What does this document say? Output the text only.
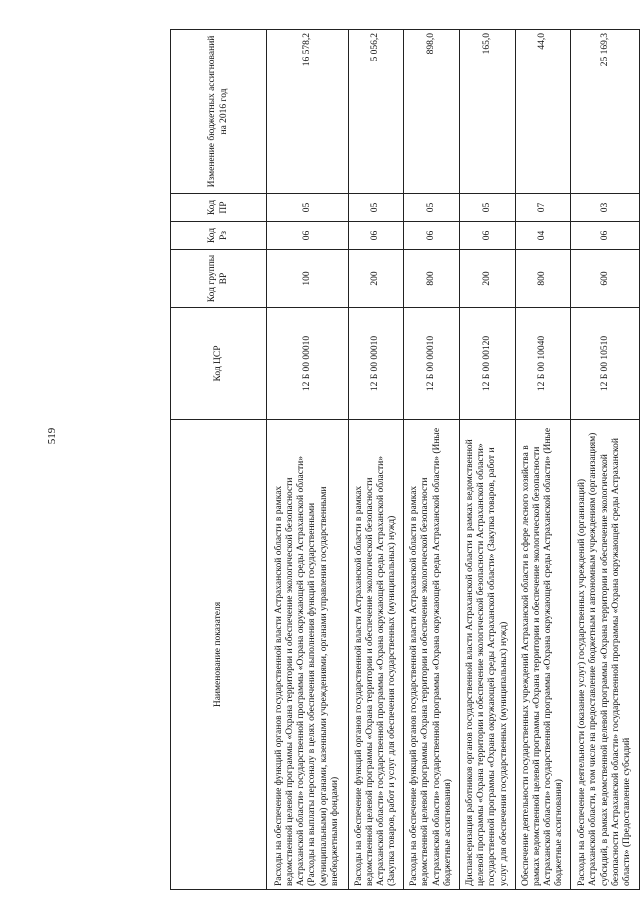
519
Наименование показателя	Код ЦСР	Код группы ВР	Код Рз	Код ПР	Изменение бюджетных ассигнований на 2016 год
Расходы на обеспечение функций органов государственной власти Астраханской области в рамках ведомственной целевой программы «Охрана территории и обеспечение экологической безопасности Астраханской области» государственной программы «Охрана окружающей среды Астраханской области» (Расходы на выплаты персоналу в целях обеспечения выполнения функций государственными (муниципальными) органами, казенными учреждениями, органами управления государственными внебюджетными фондами)	12 Б 00 00010	100	06	05	16 578,2
Расходы на обеспечение функций органов государственной власти Астраханской области в рамках ведомственной целевой программы «Охрана территории и обеспечение экологической безопасности Астраханской области» государственной программы «Охрана окружающей среды Астраханской области» (Закупка товаров, работ и услуг для обеспечения государственных (муниципальных) нужд)	12 Б 00 00010	200	06	05	5 056,2
Расходы на обеспечение функций органов государственной власти Астраханской области в рамках ведомственной целевой программы «Охрана территории и обеспечение экологической безопасности Астраханской области» государственной программы «Охрана окружающей среды Астраханской области» (Иные бюджетные ассигнования)	12 Б 00 00010	800	06	05	898,0
Диспансеризация работников органов государственной власти Астраханской области в рамках ведомственной целевой программы «Охрана территории и обеспечение экологической безопасности Астраханской области» государственной программы «Охрана окружающей среды Астраханской области» (Закупка товаров, работ и услуг для обеспечения государственных (муниципальных) нужд)	12 Б 00 00120	200	06	05	165,0
Обеспечение деятельности государственных учреждений Астраханской области в сфере лесного хозяйства в рамках ведомственной целевой программы «Охрана территории и обеспечение экологической безопасности Астраханской области» государственной программы «Охрана окружающей среды Астраханской области» (Иные бюджетные ассигнования)	12 Б 00 10040	800	04	07	44,0
Расходы на обеспечение деятельности (оказание услуг) государственных учреждений (организаций) Астраханской области, в том числе на предоставление бюджетным и автономным учреждениям (организациям) субсидий, в рамках ведомственной целевой программы «Охрана территории и обеспечение экологической безопасности Астраханской области» государственной программы «Охрана окружающей среды Астраханской области» (Предоставление субсидий	12 Б 00 10510	600	06	03	25 169,3
